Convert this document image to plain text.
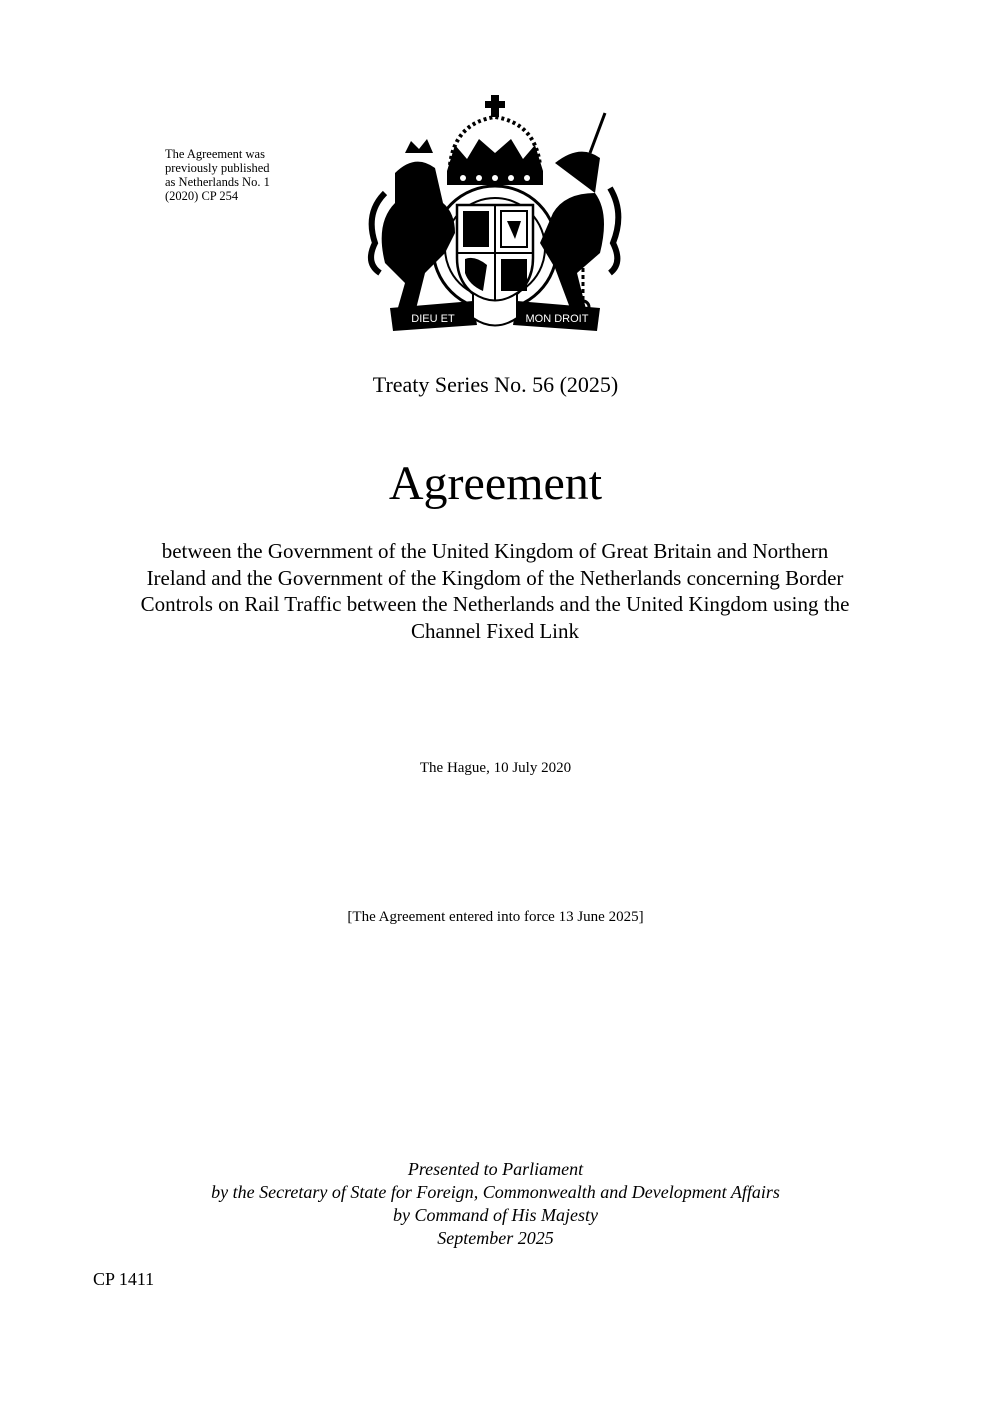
The Agreement was
previously published
as Netherlands No. 1
(2020) CP 254
DIEU ET	MON DROIT
Treaty Series No. 56 (2025)
Agreement
between the Government of the United Kingdom of Great Britain and Northern
Ireland and the Government of the Kingdom of the Netherlands concerning Border
Controls on Rail Traffic between the Netherlands and the United Kingdom using the
Channel Fixed Link
The Hague, 10 July 2020
[The Agreement entered into force 13 June 2025]
Presented to Parliament
by the Secretary of State for Foreign, Commonwealth and Development Affairs
by Command of His Majesty
September 2025
CP 1411
